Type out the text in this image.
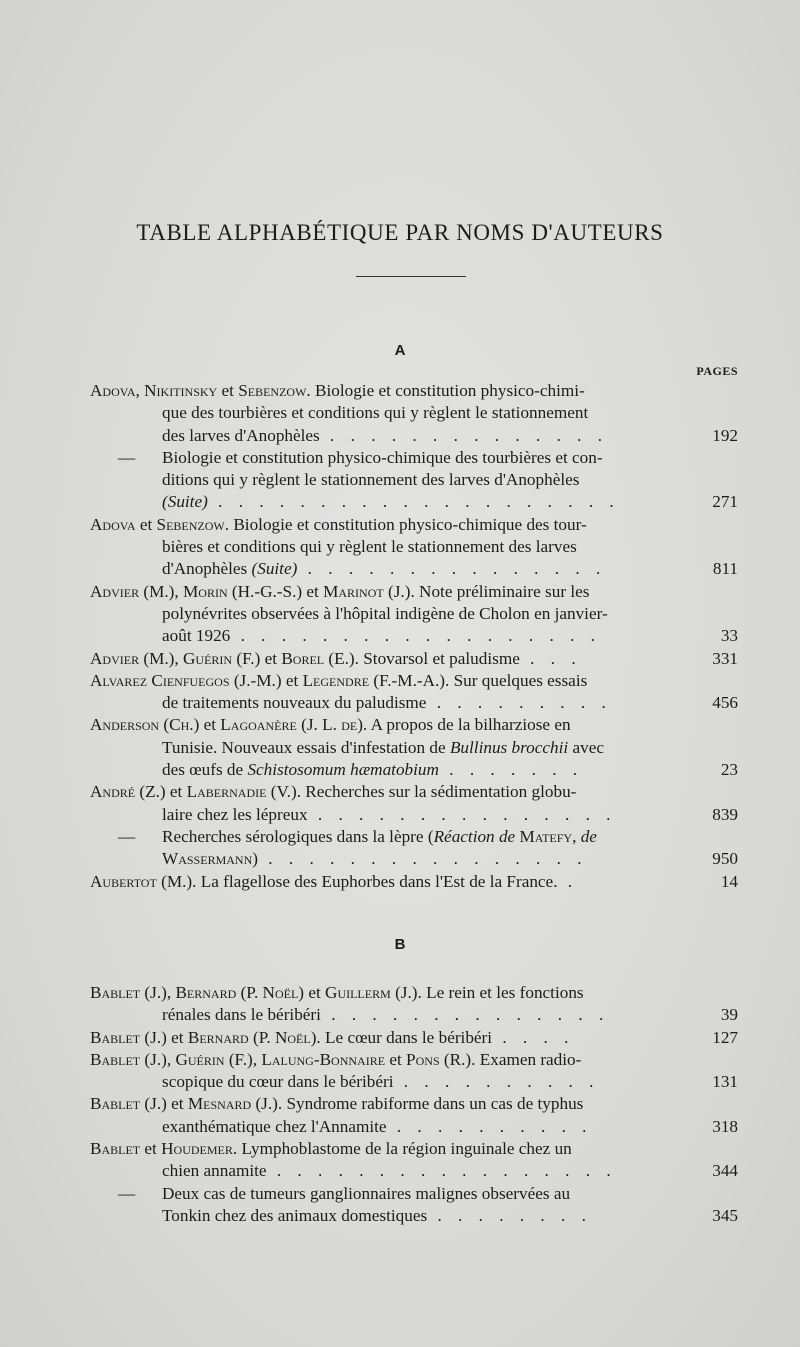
TABLE ALPHABÉTIQUE PAR NOMS D'AUTEURS
A
PAGES
Adova, Nikitinsky et Sebenzow. Biologie et constitution physico-chimi-
que des tourbières et conditions qui y règlent le stationnement
des larves d'Anophèles . . . . . . . . . . . . . .	192
— Biologie et constitution physico-chimique des tourbières et con-
ditions qui y règlent le stationnement des larves d'Anophèles
(Suite) . . . . . . . . . . . . . . . . . . . .	271
Adova et Sebenzow. Biologie et constitution physico-chimique des tour-
bières et conditions qui y règlent le stationnement des larves
d'Anophèles (Suite) . . . . . . . . . . . . . . .	811
Advier (M.), Morin (H.-G.-S.) et Marinot (J.). Note préliminaire sur les
polynévrites observées à l'hôpital indigène de Cholon en janvier-
août 1926 . . . . . . . . . . . . . . . . . .	33
Advier (M.), Guérin (F.) et Borel (E.). Stovarsol et paludisme . . .	331
Alvarez Cienfuegos (J.-M.) et Legendre (F.-M.-A.). Sur quelques essais
de traitements nouveaux du paludisme . . . . . . . . .	456
Anderson (Ch.) et Lagoanère (J. L. de). A propos de la bilharziose en
Tunisie. Nouveaux essais d'infestation de Bullinus brocchii avec
des œufs de Schistosomum hæmatobium . . . . . . .	23
André (Z.) et Labernadie (V.). Recherches sur la sédimentation globu-
laire chez les lépreux . . . . . . . . . . . . . . .	839
— Recherches sérologiques dans la lèpre (Réaction de Matefy, de
Wassermann) . . . . . . . . . . . . . . . .	950
Aubertot (M.). La flagellose des Euphorbes dans l'Est de la France. .	14
B
Bablet (J.), Bernard (P. Noël) et Guillerm (J.). Le rein et les fonctions
rénales dans le béribéri . . . . . . . . . . . . . .	39
Bablet (J.) et Bernard (P. Noël). Le cœur dans le béribéri . . . .	127
Bablet (J.), Guérin (F.), Lalung-Bonnaire et Pons (R.). Examen radio-
scopique du cœur dans le béribéri . . . . . . . . . .	131
Bablet (J.) et Mesnard (J.). Syndrome rabiforme dans un cas de typhus
exanthématique chez l'Annamite . . . . . . . . . .	318
Bablet et Houdemer. Lymphoblastome de la région inguinale chez un
chien annamite . . . . . . . . . . . . . . . . .	344
— Deux cas de tumeurs ganglionnaires malignes observées au
Tonkin chez des animaux domestiques . . . . . . . .	345
